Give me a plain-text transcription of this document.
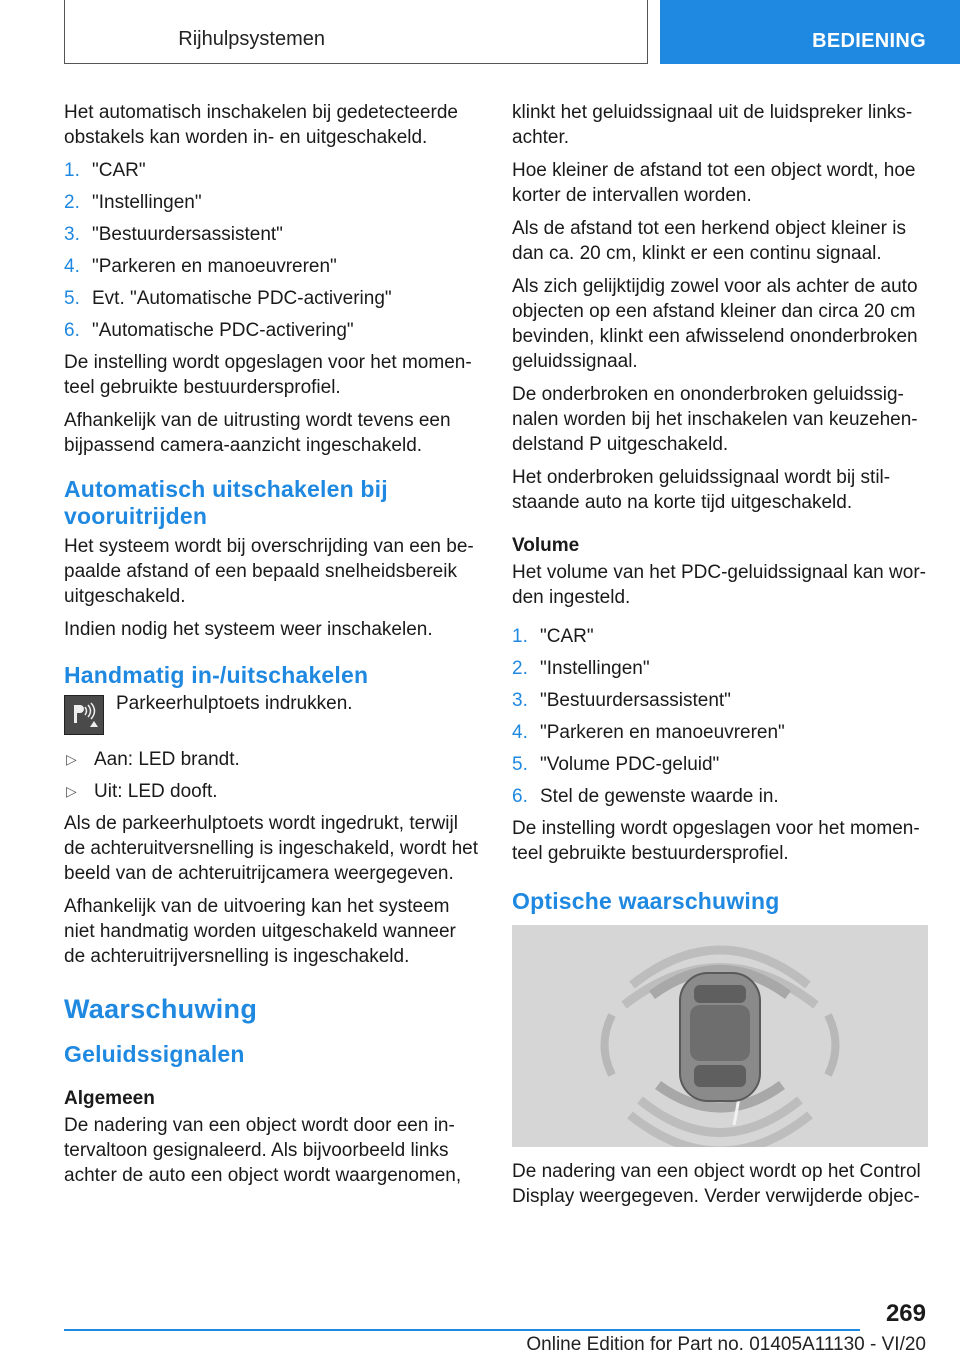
Rijhulpsystemen	BEDIENING

Het automatisch inschakelen bij gedetecteerde obstakels kan worden in- en uitgeschakeld.

1. "CAR"
2. "Instellingen"
3. "Bestuurdersassistent"
4. "Parkeren en manoeuvreren"
5. Evt. "Automatische PDC-activering"
6. "Automatische PDC-activering"

De instelling wordt opgeslagen voor het momen-teel gebruikte bestuurdersprofiel.

Afhankelijk van de uitrusting wordt tevens een bijpassend camera-aanzicht ingeschakeld.

Automatisch uitschakelen bij vooruitrijden

Het systeem wordt bij overschrijding van een be-paalde afstand of een bepaald snelheidsbereik uitgeschakeld.

Indien nodig het systeem weer inschakelen.

Handmatig in-/uitschakelen

Parkeerhulptoets indrukken.

▷ Aan: LED brandt.
▷ Uit: LED dooft.

Als de parkeerhulptoets wordt ingedrukt, terwijl de achteruitversnelling is ingeschakeld, wordt het beeld van de achteruitrijcamera weergegeven.

Afhankelijk van de uitvoering kan het systeem niet handmatig worden uitgeschakeld wanneer de achteruitrijversnelling is ingeschakeld.

Waarschuwing
Geluidssignalen
Algemeen

De nadering van een object wordt door een in-tervaltoon gesignaleerd. Als bijvoorbeeld links achter de auto een object wordt waargenomen,

klinkt het geluidssignaal uit de luidspreker links-achter.

Hoe kleiner de afstand tot een object wordt, hoe korter de intervallen worden.

Als de afstand tot een herkend object kleiner is dan ca. 20 cm, klinkt er een continu signaal.

Als zich gelijktijdig zowel voor als achter de auto objecten op een afstand kleiner dan circa 20 cm bevinden, klinkt een afwisselend ononderbroken geluidssignaal.

De onderbroken en ononderbroken geluidssig-nalen worden bij het inschakelen van keuzehen-delstand P uitgeschakeld.

Het onderbroken geluidssignaal wordt bij stil-staande auto na korte tijd uitgeschakeld.

Volume

Het volume van het PDC-geluidssignaal kan wor-den ingesteld.

1. "CAR"
2. "Instellingen"
3. "Bestuurdersassistent"
4. "Parkeren en manoeuvreren"
5. "Volume PDC-geluid"
6. Stel de gewenste waarde in.

De instelling wordt opgeslagen voor het momen-teel gebruikte bestuurdersprofiel.

Optische waarschuwing

De nadering van een object wordt op het Control Display weergegeven. Verder verwijderde objec-

269
Online Edition for Part no. 01405A11130 - VI/20
